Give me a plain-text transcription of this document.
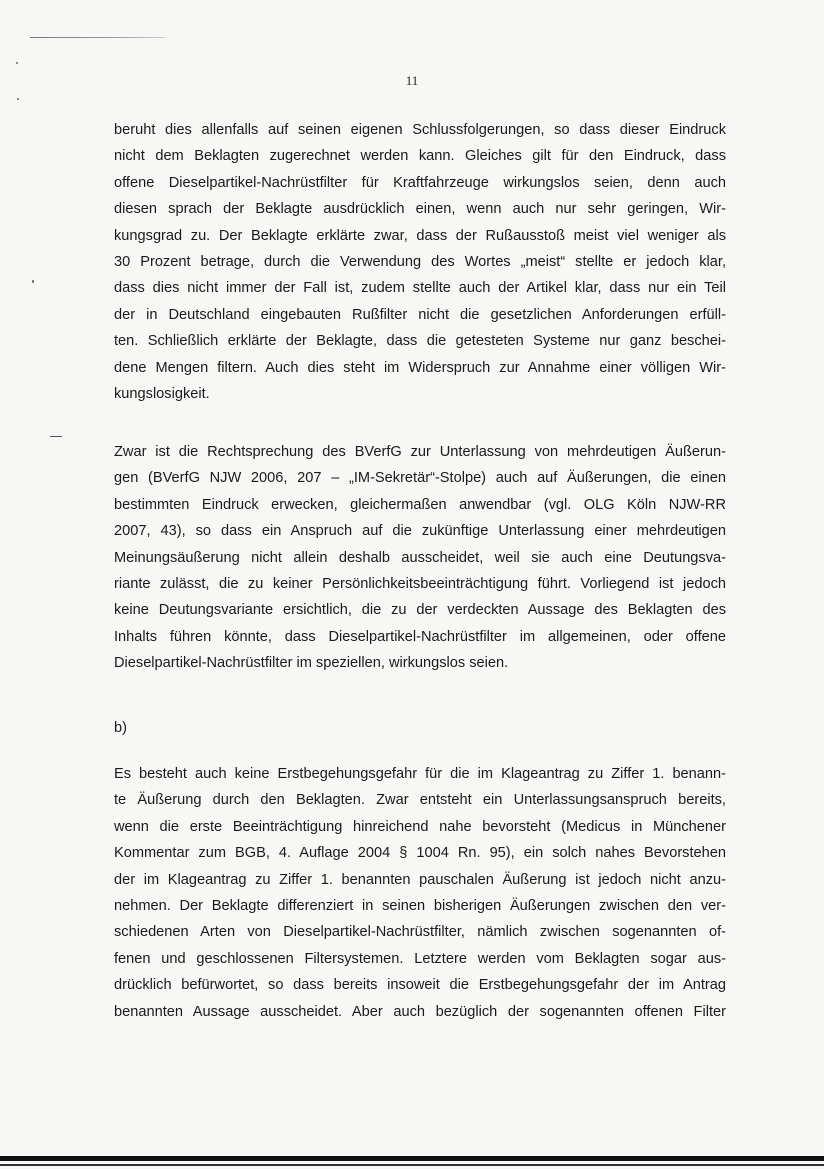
11
beruht dies allenfalls auf seinen eigenen Schlussfolgerungen, so dass dieser Eindruck
nicht dem Beklagten zugerechnet werden kann. Gleiches gilt für den Eindruck, dass
offene Dieselpartikel-Nachrüstfilter für Kraftfahrzeuge wirkungslos seien, denn auch
diesen sprach der Beklagte ausdrücklich einen, wenn auch nur sehr geringen, Wir-
kungsgrad zu. Der Beklagte erklärte zwar, dass der Rußausstoß meist viel weniger als
30 Prozent betrage, durch die Verwendung des Wortes „meist“ stellte er jedoch klar,
dass dies nicht immer der Fall ist, zudem stellte auch der Artikel klar, dass nur ein Teil
der in Deutschland eingebauten Rußfilter nicht die gesetzlichen Anforderungen erfüll-
ten. Schließlich erklärte der Beklagte, dass die getesteten Systeme nur ganz beschei-
dene Mengen filtern. Auch dies steht im Widerspruch zur Annahme einer völligen Wir-
kungslosigkeit.
Zwar ist die Rechtsprechung des BVerfG zur Unterlassung von mehrdeutigen Äußerun-
gen (BVerfG NJW 2006, 207 – „IM-Sekretär“-Stolpe) auch auf Äußerungen, die einen
bestimmten Eindruck erwecken, gleichermaßen anwendbar (vgl. OLG Köln NJW-RR
2007, 43), so dass ein Anspruch auf die zukünftige Unterlassung einer mehrdeutigen
Meinungsäußerung nicht allein deshalb ausscheidet, weil sie auch eine Deutungsva-
riante zulässt, die zu keiner Persönlichkeitsbeeinträchtigung führt. Vorliegend ist jedoch
keine Deutungsvariante ersichtlich, die zu der verdeckten Aussage des Beklagten des
Inhalts führen könnte, dass Dieselpartikel-Nachrüstfilter im allgemeinen, oder offene
Dieselpartikel-Nachrüstfilter im speziellen, wirkungslos seien.
b)
Es besteht auch keine Erstbegehungsgefahr für die im Klageantrag zu Ziffer 1. benann-
te Äußerung durch den Beklagten. Zwar entsteht ein Unterlassungsanspruch bereits,
wenn die erste Beeinträchtigung hinreichend nahe bevorsteht (Medicus in Münchener
Kommentar zum BGB, 4. Auflage 2004 § 1004 Rn. 95), ein solch nahes Bevorstehen
der im Klageantrag zu Ziffer 1. benannten pauschalen Äußerung ist jedoch nicht anzu-
nehmen. Der Beklagte differenziert in seinen bisherigen Äußerungen zwischen den ver-
schiedenen Arten von Dieselpartikel-Nachrüstfilter, nämlich zwischen sogenannten of-
fenen und geschlossenen Filtersystemen. Letztere werden vom Beklagten sogar aus-
drücklich befürwortet, so dass bereits insoweit die Erstbegehungsgefahr der im Antrag
benannten Aussage ausscheidet. Aber auch bezüglich der sogenannten offenen Filter
